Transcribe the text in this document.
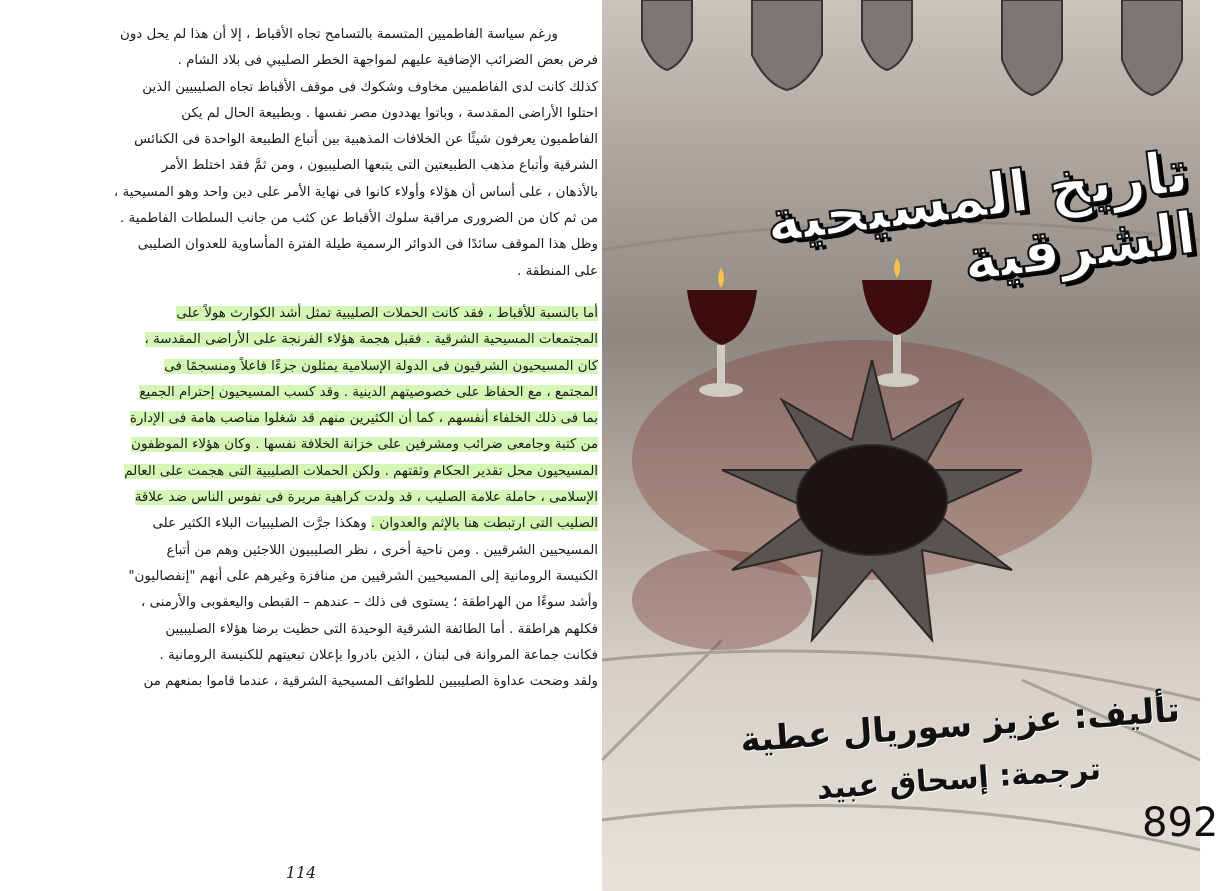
ورغم سياسة الفاطميين المتسمة بالتسامح تجاه الأقباط ، إلا أن هذا لم يحل دون
فرض بعض الضرائب الإضافية عليهم لمواجهة الخطر الصليبي فى بلاد الشام .
كذلك كانت لدى الفاطميين مخاوف وشكوك فى موقف الأقباط تجاه الصليبيين الذين
احتلوا الأراضى المقدسة ، وباتوا يهددون مصر نفسها . وبطبيعة الحال لم يكن
الفاطميون يعرفون شيئًا عن الخلافات المذهبية بين أتباع الطبيعة الواحدة فى الكنائس
الشرقية وأتباع مذهب الطبيعتين التى يتبعها الصليبيون ، ومن ثمَّ فقد اختلط الأمر
بالأذهان ، على أساس أن هؤلاء وأولاء كانوا فى نهاية الأمر على دين واحد وهو المسيحية ،
من ثم كان من الضرورى مراقبة سلوك الأقباط عن كثب من جانب السلطات الفاطمية .
وظل هذا الموقف سائدًا فى الدوائر الرسمية طيلة الفترة المأساوية للعدوان الصليبى
على المنطقة .
أما بالنسبة للأقباط ، فقد كانت الحملات الصليبية تمثل أشد الكوارث هولاً على
المجتمعات المسيحية الشرقية . فقبل هجمة هؤلاء الفرنجة على الأراضى المقدسة ،
كان المسيحيون الشرقيون فى الدولة الإسلامية يمثلون جزءًا فاعلاً ومنسجمًا فى
المجتمع ، مع الحفاظ على خصوصيتهم الدينية . وقد كسب المسيحيون إحترام الجميع
بما فى ذلك الخلفاء أنفسهم ، كما أن الكثيرين منهم قد شغلوا مناصب هامة فى الإدارة
من كتبة وجامعى ضرائب ومشرفين على خزانة الخلافة نفسها . وكان هؤلاء الموظفون
المسيحيون محل تقدير الحكام وثقتهم . ولكن الحملات الصليبية التى هجمت على العالم
الإسلامى ، حاملة علامة الصليب ، قد ولدت كراهية مريرة فى نفوس الناس ضد علاقة
الصليب التى ارتبطت هنا بالإثم والعدوان . وهكذا جرَّت الصليبيات البلاء الكثير على
المسيحيين الشرقيين . ومن ناحية أخرى ، نظر الصليبيون اللاجئين وهم من أتباع
الكنيسة الرومانية إلى المسيحيين الشرقيين من منافزة وغيرهم على أنهم "إنفصاليون"
وأشد سوءًا من الهراطقة ؛ يستوى فى ذلك – عندهم – القبطى واليعقوبى والأرمنى ،
فكلهم هراطقة . أما الطائفة الشرقية الوحيدة التى حظيت برضا هؤلاء الصليبيين
فكانت جماعة المروانة فى لبنان ، الذين بادروا بإعلان تبعيتهم للكنيسة الرومانية .
ولقد وضحت عداوة الصليبيين للطوائف المسيحية الشرقية ، عندما قاموا بمنعهم من
114
تاريخ المسيحية الشرقية
تأليف: عزيز سوريال عطية
ترجمة: إسحاق عبيد
892
